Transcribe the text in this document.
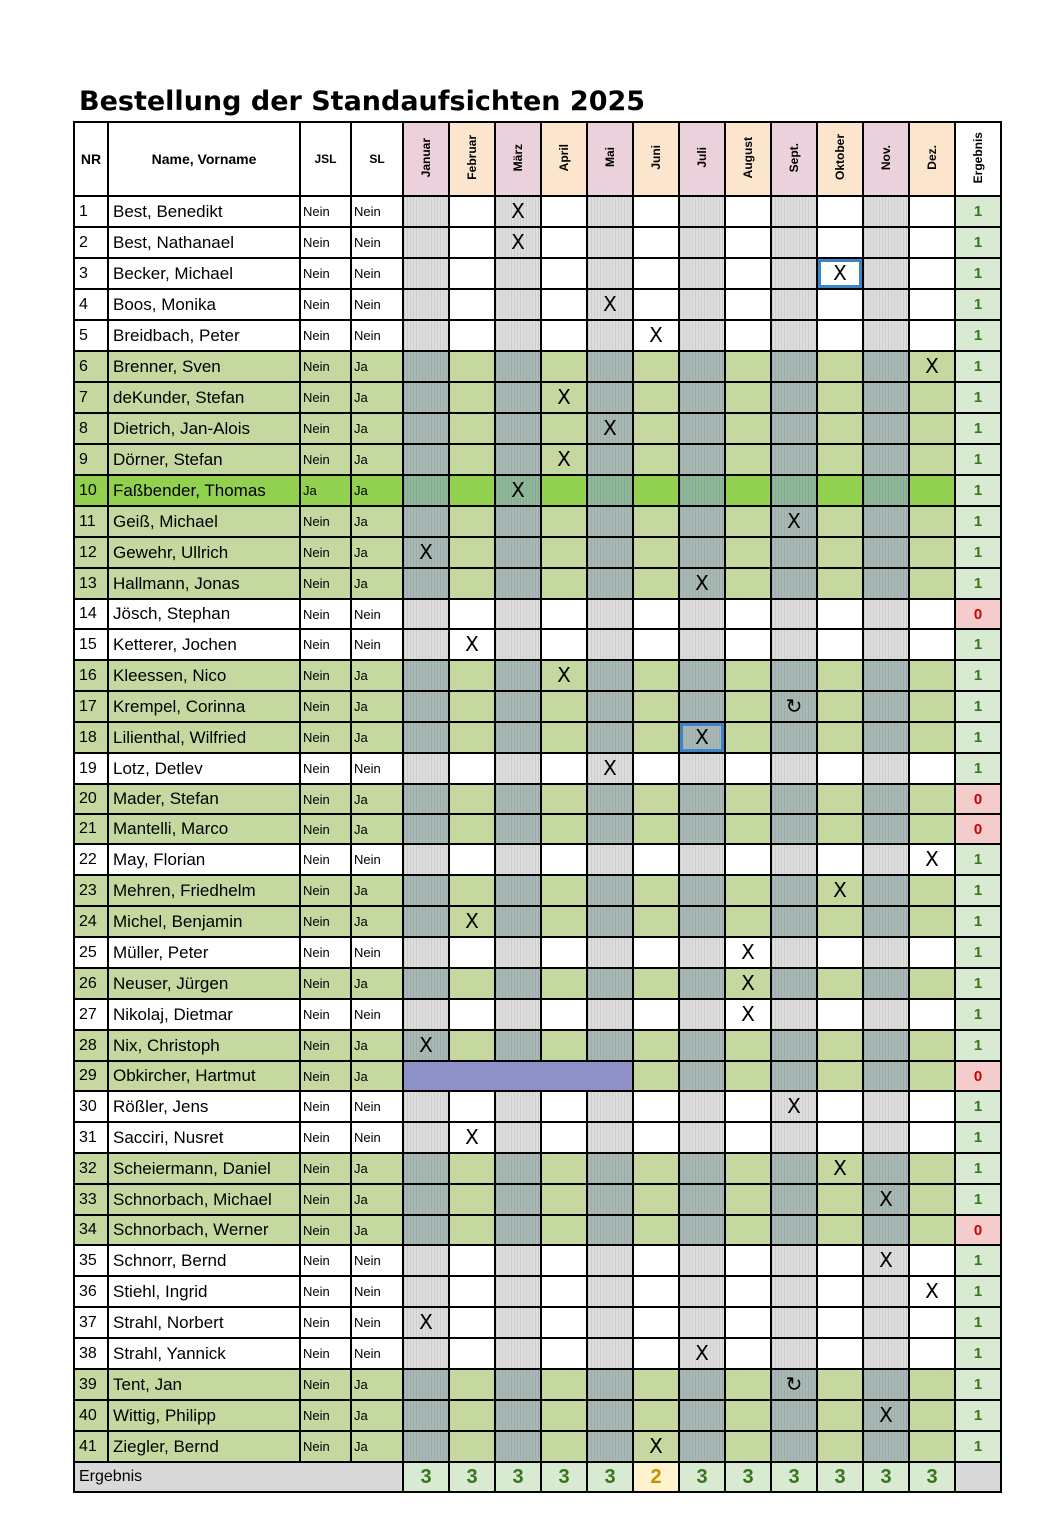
Bestellung der Standaufsichten 2025
NR	Name, Vorname	JSL	SL	Januar	Februar	März	April	Mai	Juni	Juli	August	Sept.	Oktober	Nov.	Dez.	Ergebnis
1	Best, Benedikt	Nein	Nein			X										1
2	Best, Nathanael	Nein	Nein			X										1
3	Becker, Michael	Nein	Nein										X			1
4	Boos, Monika	Nein	Nein					X								1
5	Breidbach, Peter	Nein	Nein						X							1
6	Brenner, Sven	Nein	Ja												X	1
7	deKunder, Stefan	Nein	Ja				X									1
8	Dietrich, Jan-Alois	Nein	Ja					X								1
9	Dörner, Stefan	Nein	Ja				X									1
10	Faßbender, Thomas	Ja	Ja			X										1
11	Geiß, Michael	Nein	Ja									X				1
12	Gewehr, Ullrich	Nein	Ja	X												1
13	Hallmann, Jonas	Nein	Ja							X						1
14	Jösch, Stephan	Nein	Nein													0
15	Ketterer, Jochen	Nein	Nein		X											1
16	Kleessen, Nico	Nein	Ja				X									1
17	Krempel, Corinna	Nein	Ja									↻				1
18	Lilienthal, Wilfried	Nein	Ja							X						1
19	Lotz, Detlev	Nein	Nein					X								1
20	Mader, Stefan	Nein	Ja													0
21	Mantelli, Marco	Nein	Ja													0
22	May, Florian	Nein	Nein												X	1
23	Mehren, Friedhelm	Nein	Ja										X			1
24	Michel, Benjamin	Nein	Ja		X											1
25	Müller, Peter	Nein	Nein								X					1
26	Neuser, Jürgen	Nein	Ja								X					1
27	Nikolaj, Dietmar	Nein	Nein								X					1
28	Nix, Christoph	Nein	Ja	X												1
29	Obkircher, Hartmut	Nein	Ja													0
30	Rößler, Jens	Nein	Nein									X				1
31	Sacciri, Nusret	Nein	Nein		X											1
32	Scheiermann, Daniel	Nein	Ja										X			1
33	Schnorbach, Michael	Nein	Ja											X		1
34	Schnorbach, Werner	Nein	Ja													0
35	Schnorr, Bernd	Nein	Nein											X		1
36	Stiehl, Ingrid	Nein	Nein												X	1
37	Strahl, Norbert	Nein	Nein	X												1
38	Strahl, Yannick	Nein	Nein							X						1
39	Tent, Jan	Nein	Ja									↻				1
40	Wittig, Philipp	Nein	Ja											X		1
41	Ziegler, Bernd	Nein	Ja						X							1
Ergebnis				3	3	3	3	3	2	3	3	3	3	3	3	
